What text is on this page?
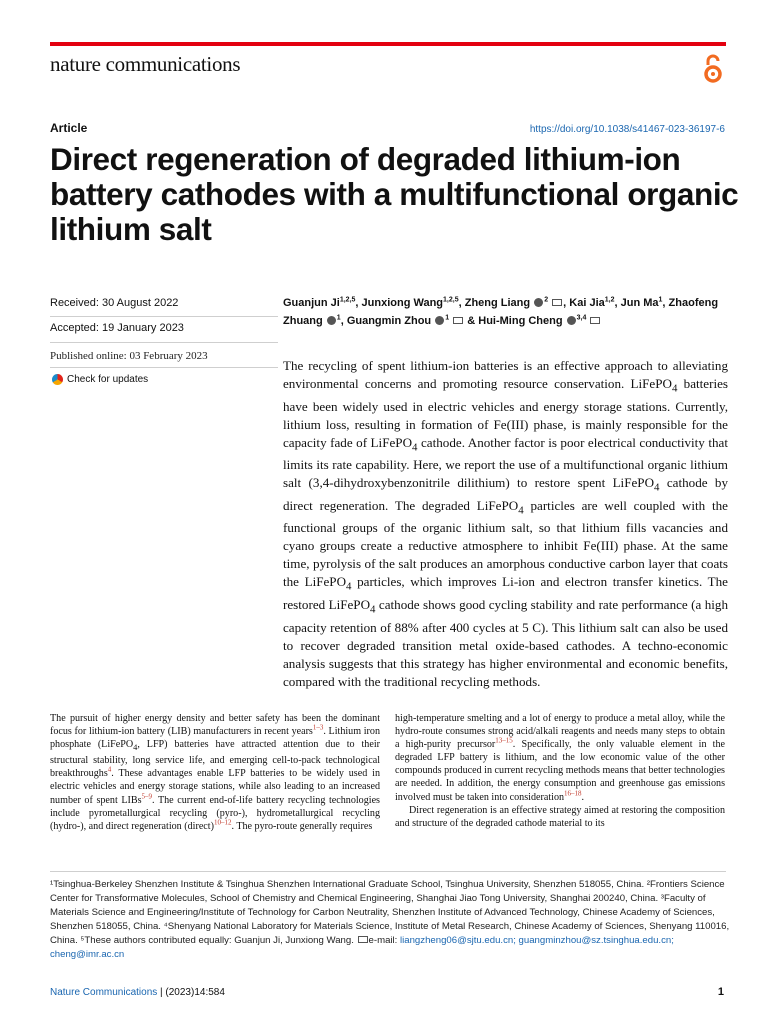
nature communications
Article	https://doi.org/10.1038/s41467-023-36197-6
Direct regeneration of degraded lithium-ion battery cathodes with a multifunctional organic lithium salt
Received: 30 August 2022
Accepted: 19 January 2023
Published online: 03 February 2023
Check for updates
Guanjun Ji$^{1,2,5}$, Junxiong Wang$^{1,2,5}$, Zheng Liang $^2$ , Kai Jia$^{1,2}$, Jun Ma$^1$, Zhaofeng Zhuang $^1$, Guangmin Zhou $^1$ & Hui-Ming Cheng $^{3,4}$
The recycling of spent lithium-ion batteries is an effective approach to alleviating environmental concerns and promoting resource conservation. LiFePO$_4$ batteries have been widely used in electric vehicles and energy storage stations. Currently, lithium loss, resulting in formation of Fe(III) phase, is mainly responsible for the capacity fade of LiFePO$_4$ cathode. Another factor is poor electrical conductivity that limits its rate capability. Here, we report the use of a multifunctional organic lithium salt (3,4-dihydroxybenzonitrile dilithium) to restore spent LiFePO$_4$ cathode by direct regeneration. The degraded LiFePO$_4$ particles are well coupled with the functional groups of the organic lithium salt, so that lithium fills vacancies and cyano groups create a reductive atmosphere to inhibit Fe(III) phase. At the same time, pyrolysis of the salt produces an amorphous conductive carbon layer that coats the LiFePO$_4$ particles, which improves Li-ion and electron transfer kinetics. The restored LiFePO$_4$ cathode shows good cycling stability and rate performance (a high capacity retention of 88% after 400 cycles at 5 C). This lithium salt can also be used to recover degraded transition metal oxide-based cathodes. A techno-economic analysis suggests that this strategy has higher environmental and economic benefits, compared with the traditional recycling methods.

The pursuit of higher energy density and better safety has been the dominant focus for lithium-ion battery (LIB) manufacturers in recent years$^{1-3}$. Lithium iron phosphate (LiFePO$_4$, LFP) batteries have attracted attention due to their structural stability, long service life, and emerging cell-to-pack technological breakthroughs$^4$. These advantages enable LFP batteries to be widely used in electric vehicles and energy storage stations, while also leading to an increased number of spent LIBs$^{5-9}$. The current end-of-life battery recycling technologies include pyrometallurgical recycling (pyro-), hydrometallurgical recycling (hydro-), and direct regeneration (direct)$^{10-12}$. The pyro-route generally requires

high-temperature smelting and a lot of energy to produce a metal alloy, while the hydro-route consumes strong acid/alkali reagents and needs many steps to obtain a high-purity precursor$^{13-15}$. Specifically, the only valuable element in the degraded LFP battery is lithium, and the low economic value of the other compounds produced in current recycling methods means that better technologies are needed. In addition, the energy consumption and greenhouse gas emissions involved must be taken into consideration$^{16-18}$.

Direct regeneration is an effective strategy aimed at restoring the composition and structure of the degraded cathode material to its

¹Tsinghua-Berkeley Shenzhen Institute & Tsinghua Shenzhen International Graduate School, Tsinghua University, Shenzhen 518055, China. ²Frontiers Science Center for Transformative Molecules, School of Chemistry and Chemical Engineering, Shanghai Jiao Tong University, Shanghai 200240, China. ³Faculty of Materials Science and Engineering/Institute of Technology for Carbon Neutrality, Shenzhen Institute of Advanced Technology, Chinese Academy of Sciences, Shenzhen 518055, China. ⁴Shenyang National Laboratory for Materials Science, Institute of Metal Research, Chinese Academy of Sciences, Shenyang 110016, China. ⁵These authors contributed equally: Guanjun Ji, Junxiong Wang. e-mail: liangzheng06@sjtu.edu.cn; guangminzhou@sz.tsinghua.edu.cn; cheng@imr.ac.cn
Nature Communications | (2023)14:584	1
